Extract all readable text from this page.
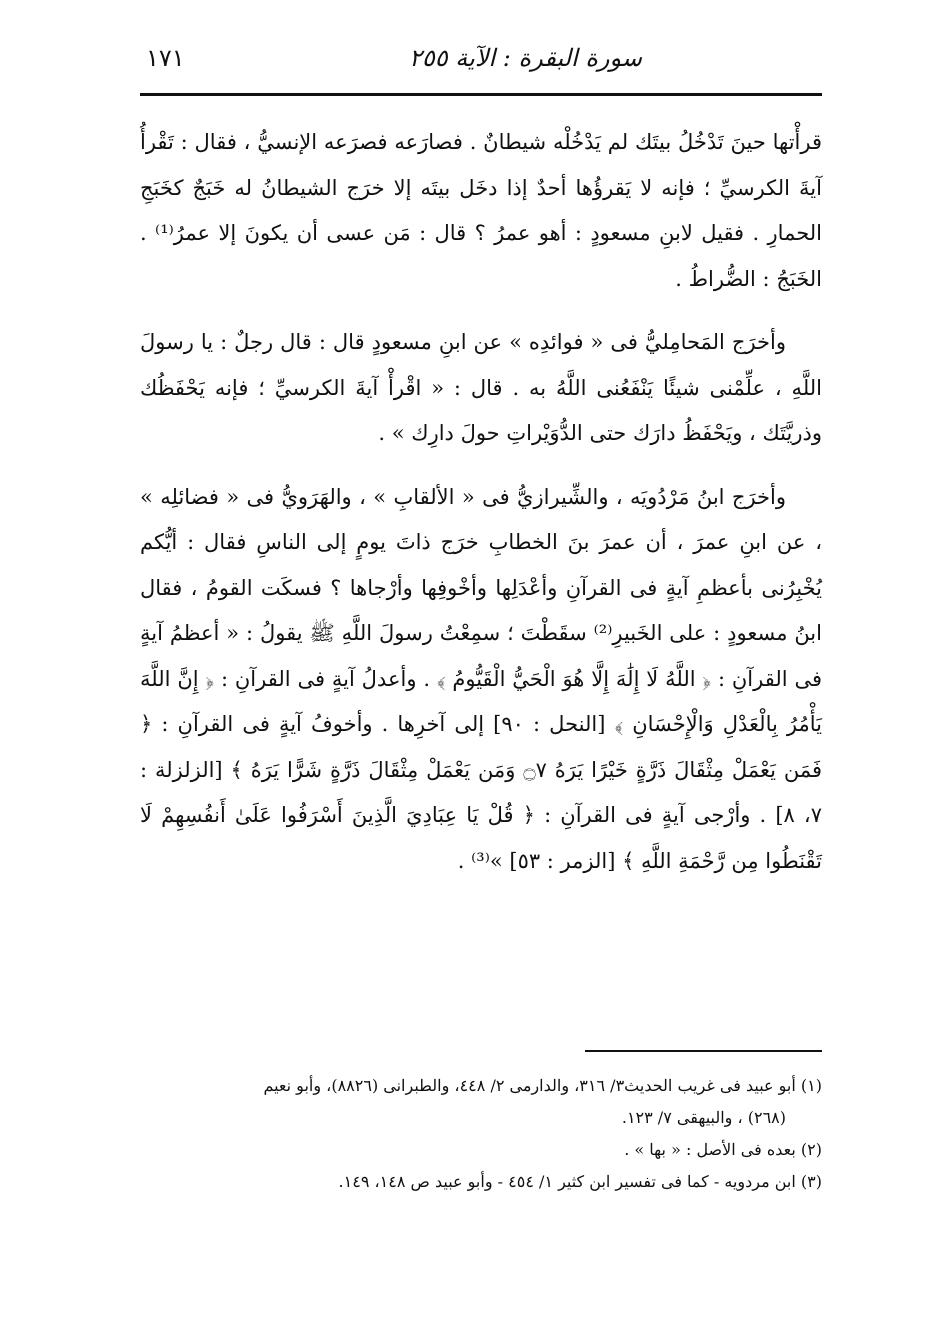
سورة البقرة : الآية ٢٥٥
١٧١

قرأْتها حينَ تَدْخُلُ بيتَك لم يَدْخُلْه شيطانٌ . فصارَعه فصرَعه الإنسيُّ ، فقال : تَقْرأُ آيةَ الكرسيِّ ؛ فإنه لا يَقرؤُها أحدٌ إذا دخَل بيتَه إلا خرَج الشيطانُ له خَبَجٌ كخَبَجِ الحمارِ . فقيل لابنِ مسعودٍ : أهو عمرُ ؟ قال : مَن عسى أن يكونَ إلا عمرُ⁽¹⁾ . الخَبَجُ : الضُّراطُ .

وأخرَج المَحامِليُّ فى « فوائدِه » عن ابنِ مسعودٍ قال : قال رجلٌ : يا رسولَ اللَّهِ ، علِّمْنى شيئًا يَنْفَعُنى اللَّهُ به . قال : « اقْرأْ آيةَ الكرسيِّ ؛ فإنه يَحْفَظُك وذريَّتَك ، ويَحْفَظُ دارَك حتى الدُّوَيْراتِ حولَ دارِك » .

وأخرَج ابنُ مَرْدُويَه ، والشِّيرازيُّ فى « الألقابِ » ، والهَرَويُّ فى « فضائلِه » ، عن ابنِ عمرَ ، أن عمرَ بنَ الخطابِ خرَج ذاتَ يومٍ إلى الناسِ فقال : أيُّكم يُخْبِرُنى بأعظمِ آيةٍ فى القرآنِ وأعْدَلِها وأخْوفِها وأرْجاها ؟ فسكَت القومُ ، فقال ابنُ مسعودٍ : على الخَبيرِ⁽²⁾ سقَطْتَ ؛ سمِعْتُ رسولَ اللَّهِ ﷺ يقولُ : « أعظمُ آيةٍ فى القرآنِ : ﴿ اللَّهُ لَا إِلَٰهَ إِلَّا هُوَ الْحَيُّ الْقَيُّومُ ﴾ . وأعدلُ آيةٍ فى القرآنِ : ﴿ إِنَّ اللَّهَ يَأْمُرُ بِالْعَدْلِ وَالْإِحْسَانِ ﴾ [النحل : ٩٠] إلى آخرِها . وأخوفُ آيةٍ فى القرآنِ : ﴿ فَمَن يَعْمَلْ مِثْقَالَ ذَرَّةٍ خَيْرًا يَرَهُ ۝٧ وَمَن يَعْمَلْ مِثْقَالَ ذَرَّةٍ شَرًّا يَرَهُ ﴾ [الزلزلة : ٧، ٨] . وأرْجى آيةٍ فى القرآنِ : ﴿ قُلْ يَا عِبَادِيَ الَّذِينَ أَسْرَفُوا عَلَىٰ أَنفُسِهِمْ لَا تَقْنَطُوا مِن رَّحْمَةِ اللَّهِ ﴾ [الزمر : ٥٣] »⁽³⁾ .

(١) أبو عبيد فى غريب الحديث٣/ ٣١٦، والدارمى ٢/ ٤٤٨، والطبرانى (٨٨٢٦)، وأبو نعيم

(٢٦٨) ، والبيهقى ٧/ ١٢٣.

(٢) بعده فى الأصل : « بها » .

(٣) ابن مردويه - كما فى تفسير ابن كثير ١/ ٤٥٤ - وأبو عبيد ص ١٤٨، ١٤٩.
